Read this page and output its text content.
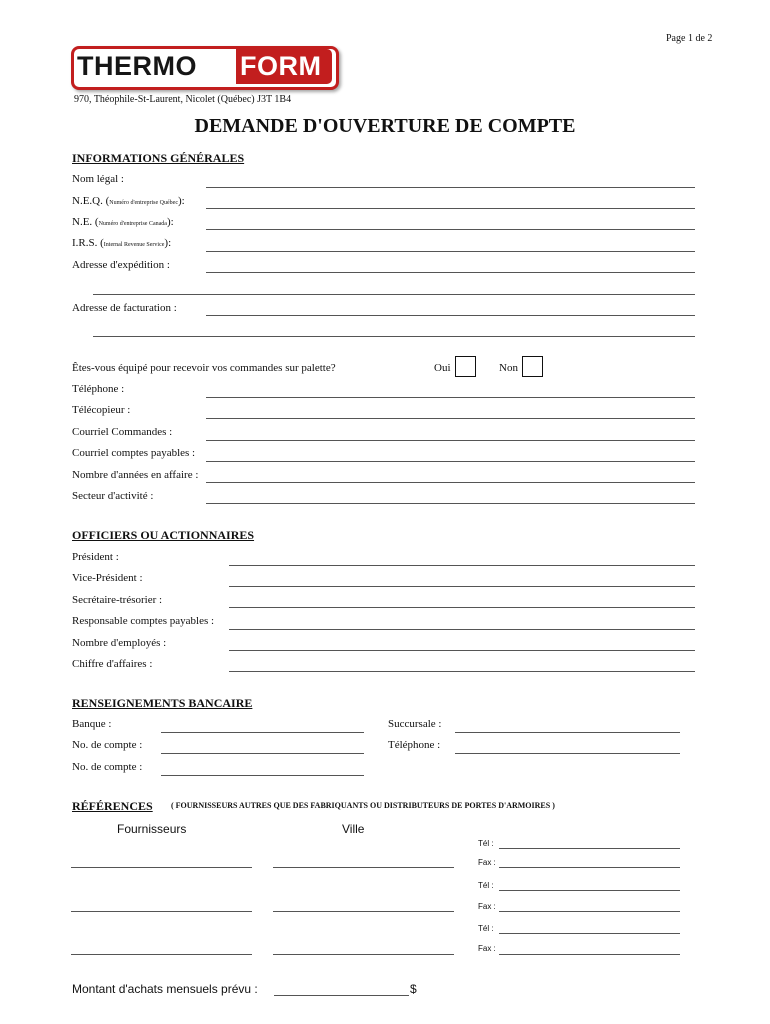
Page 1 de 2
THERMO	FORM
970, Théophile-St-Laurent, Nicolet (Québec) J3T 1B4
DEMANDE D'OUVERTURE DE COMPTE
INFORMATIONS GÉNÉRALES
Nom légal :
N.E.Q. (Numéro d'entreprise Québec):
N.E. (Numéro d'entreprise Canada):
I.R.S. (Internal Revenue Service):
Adresse d'expédition :
Adresse de facturation :
Êtes-vous équipé pour recevoir vos commandes sur palette?	Oui	Non
Téléphone :
Télécopieur :
Courriel Commandes :
Courriel comptes payables :
Nombre d'années en affaire :
Secteur d'activité :
OFFICIERS OU ACTIONNAIRES
Président :
Vice-Président :
Secrétaire-trésorier :
Responsable comptes payables :
Nombre d'employés :
Chiffre d'affaires :
RENSEIGNEMENTS BANCAIRE
Banque :	Succursale :
No. de compte :	Téléphone :
No. de compte :
RÉFÉRENCES ( FOURNISSEURS AUTRES QUE DES FABRIQUANTS OU DISTRIBUTEURS DE PORTES D'ARMOIRES )
Fournisseurs	Ville
Tél :
Fax :
Tél :
Fax :
Tél :
Fax :
Montant d'achats mensuels prévu :	$
